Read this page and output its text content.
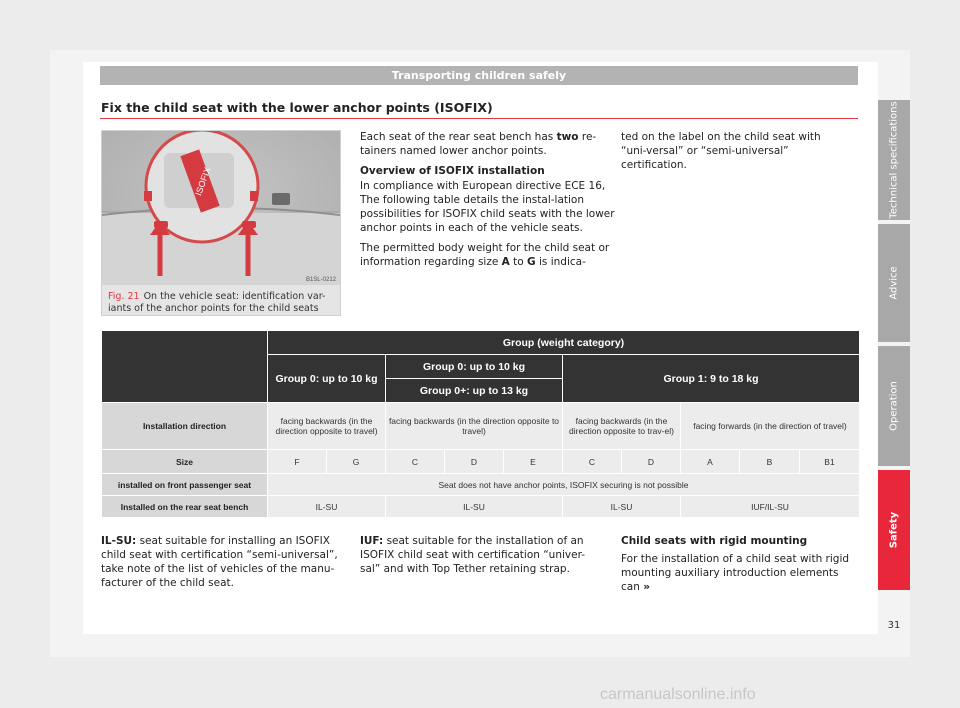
Transporting children safely
Fix the child seat with the lower anchor points (ISOFIX)
ISOFIX
B1SL-0212
Fig. 21 On the vehicle seat: identification var-iants of the anchor points for the child seats

Each seat of the rear seat bench has two re-tainers named lower anchor points.

Overview of ISOFIX installation

In compliance with European directive ECE 16, The following table details the instal-lation possibilities for ISOFIX child seats with the lower anchor points in each of the vehicle seats.

The permitted body weight for the child seat or information regarding size A to G is indica-

ted on the label on the child seat with “uni-versal” or “semi-universal” certification.

	Group (weight category)									
	Group 0: up to 10 kg		Group 0: up to 10 kg			Group 1: 9 to 18 kg				
			Group 0+: up to 13 kg							
Installation direction	facing backwards (in the direction opposite to travel)		facing backwards (in the direction opposite to travel)			facing backwards (in the direction opposite to trav-el)		facing forwards (in the direction of travel)		
Size	F	G	C	D	E	C	D	A	B	B1
installed on front passenger seat	Seat does not have anchor points, ISOFIX securing is not possible									
Installed on the rear seat bench	IL-SU		IL-SU			IL-SU		IUF/IL-SU		
IL-SU: seat suitable for installing an ISOFIX child seat with certification “semi-universal”, take note of the list of vehicles of the manu-facturer of the child seat.
IUF: seat suitable for the installation of an ISOFIX child seat with certification “univer-sal” and with Top Tether retaining strap.
Child seats with rigid mounting
For the installation of a child seat with rigid mounting auxiliary introduction elements can »
Technical specifications
Advice
Operation
Safety
31
carmanualsonline.info
